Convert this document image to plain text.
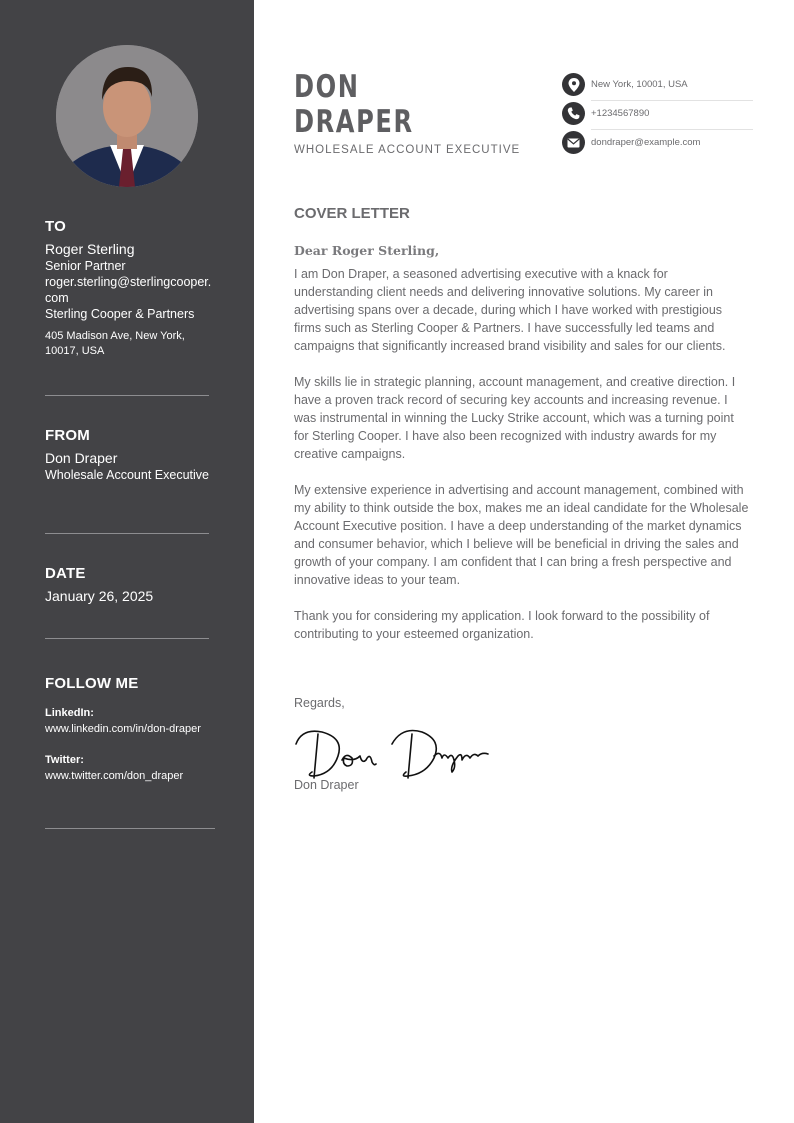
TO
Roger Sterling
Senior Partner
roger.sterling@sterlingcooper.com
Sterling Cooper & Partners
405 Madison Ave, New York, 10017, USA
FROM
Don Draper
Wholesale Account Executive
DATE
January 26, 2025
FOLLOW ME
LinkedIn:
www.linkedin.com/in/don-draper
Twitter:
www.twitter.com/don_draper
DON
DRAPER
WHOLESALE ACCOUNT EXECUTIVE
New York, 10001, USA
+1234567890
dondraper@example.com
COVER LETTER
Dear Roger Sterling,
I am Don Draper, a seasoned advertising executive with a knack for understanding client needs and delivering innovative solutions. My career in advertising spans over a decade, during which I have worked with prestigious firms such as Sterling Cooper & Partners. I have successfully led teams and campaigns that significantly increased brand visibility and sales for our clients.
My skills lie in strategic planning, account management, and creative direction. I have a proven track record of securing key accounts and increasing revenue. I was instrumental in winning the Lucky Strike account, which was a turning point for Sterling Cooper. I have also been recognized with industry awards for my creative campaigns.
My extensive experience in advertising and account management, combined with my ability to think outside the box, makes me an ideal candidate for the Wholesale Account Executive position. I have a deep understanding of the market dynamics and consumer behavior, which I believe will be beneficial in driving the sales and growth of your company. I am confident that I can bring a fresh perspective and innovative ideas to your team.
Thank you for considering my application. I look forward to the possibility of contributing to your esteemed organization.
Regards,
Don Draper
